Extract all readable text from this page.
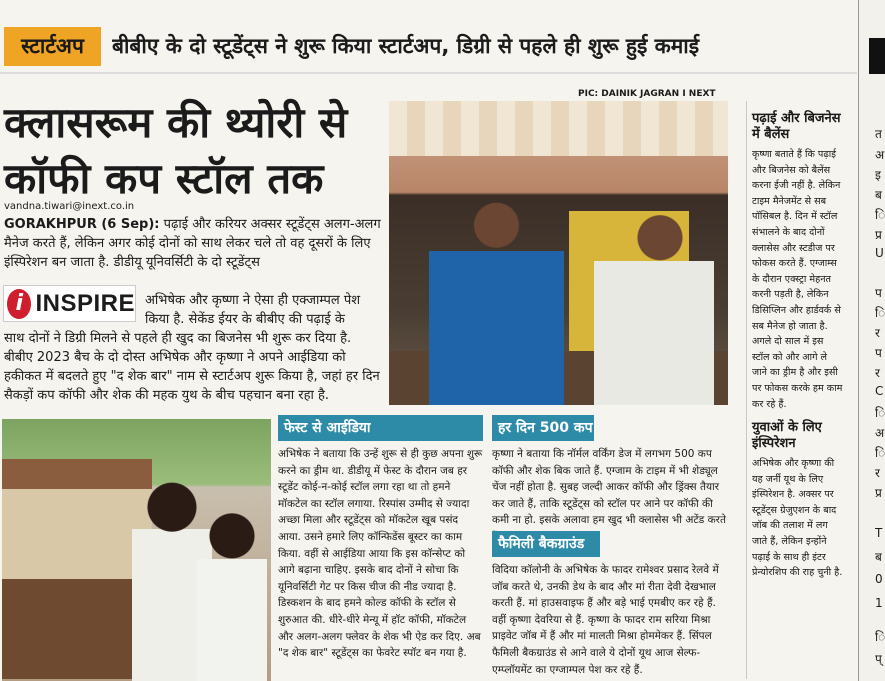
स्टार्टअप	बीबीए के दो स्टूडेंट्स ने शुरू किया स्टार्टअप, डिग्री से पहले ही शुरू हुई कमाई
क्लासरूम की थ्योरी से
कॉफी कप स्टॉल तक
vandna.tiwari@inext.co.in
GORAKHPUR (6 Sep): पढ़ाई और करियर अक्सर स्टूडेंट्स अलग-अलग मैनेज करते हैं, लेकिन अगर कोई दोनों को साथ लेकर चले तो वह दूसरों के लिए इंस्पिरेशन बन जाता है. डीडीयू यूनिवर्सिटी के दो स्टूडेंट्स
i INSPIRE अभिषेक और कृष्णा ने ऐसा ही एक्जाम्पल पेश किया है. सेकेंड ईयर के बीबीए की पढ़ाई के
साथ दोनों ने डिग्री मिलने से पहले ही खुद का बिजनेस भी शुरू कर दिया है. बीबीए 2023 बैच के दो दोस्त अभिषेक और कृष्णा ने अपने आईडिया को हकीकत में बदलते हुए "द शेक बार" नाम से स्टार्टअप शुरू किया है, जहां हर दिन सैकड़ों कप कॉफी और शेक की महक युथ के बीच पहचान बना रहा है.
PIC: DAINIK JAGRAN I NEXT
फेस्ट से आईडिया
अभिषेक ने बताया कि उन्हें शुरू से ही कुछ अपना शुरू करने का ड्रीम था. डीडीयू में फेस्ट के दौरान जब हर स्टूडेंट कोई-न-कोई स्टॉल लगा रहा था तो हमने मॉकटेल का स्टॉल लगाया. रिस्पांस उम्मीद से ज्यादा अच्छा मिला और स्टूडेंट्स को मॉकटेल खूब पसंद आया. उसने हमारे लिए कॉन्फिडेंस बूस्टर का काम किया. वहीं से आईडिया आया कि इस कॉन्सेप्ट को आगे बढ़ाना चाहिए. इसके बाद दोनों ने सोचा कि यूनिवर्सिटी गेट पर किस चीज की नीड ज्यादा है. डिस्कशन के बाद हमने कोल्ड कॉफी के स्टॉल से शुरुआत की. धीरे-धीरे मेन्यू में हॉट कॉफी, मॉकटेल और अलग-अलग फ्लेवर के शेक भी ऐड कर दिए. अब "द शेक बार" स्टूडेंट्स का फेवरेट स्पॉट बन गया है.
हर दिन 500 कप
कृष्णा ने बताया कि नॉर्मल वर्किंग डेज में लगभग 500 कप कॉफी और शेक बिक जाते हैं. एग्जाम के टाइम में भी शेड्यूल चेंज नहीं होता है. सुबह जल्दी आकर कॉफी और ड्रिंक्स तैयार कर जाते हैं, ताकि स्टूडेंट्स को स्टॉल पर आने पर कॉफी की कमी ना हो. इसके अलावा हम खुद भी क्लासेस भी अटेंड करते
फैमिली बैकग्राउंड
विदिया कॉलोनी के अभिषेक के फादर रामेश्वर प्रसाद रेलवे में जॉब करते थे, उनकी डेथ के बाद और मां रीता देवी देखभाल करती हैं. मां हाउसवाइफ हैं और बड़े भाई एमबीए कर रहे हैं. वहीं कृष्णा देवरिया से हैं. कृष्णा के फादर राम सरिया मिश्रा प्राइवेट जॉब में हैं और मां मालती मिश्रा होममेकर हैं. सिंपल फैमिली बैकग्राउंड से आने वाले ये दोनों यूथ आज सेल्फ-एम्प्लॉयमेंट का एग्जाम्पल पेश कर रहे हैं.
पढ़ाई और बिजनेस में बैलेंस
कृष्णा बताते हैं कि पढ़ाई और बिजनेस को बैलेंस करना ईजी नहीं है. लेकिन टाइम मैनेजमेंट से सब पॉसिबल है. दिन में स्टॉल संभालने के बाद दोनों क्लासेस और स्टडीज पर फोकस करते हैं. एग्जाम्स के दौरान एक्स्ट्रा मेहनत करनी पड़ती है, लेकिन डिसिप्लिन और हार्डवर्क से सब मैनेज हो जाता है. अगले दो साल में इस स्टॉल को और आगे ले जाने का ड्रीम है और इसी पर फोकस करके हम काम कर रहे हैं.
युवाओं के लिए इंस्पिरेशन
अभिषेक और कृष्णा की यह जर्नी यूथ के लिए इंस्पिरेशन है. अक्सर पर स्टूडेंट्स ग्रेजुएशन के बाद जॉब की तलाश में लग जाते हैं, लेकिन इन्होंने पढ़ाई के साथ ही इंटर प्रेन्योरशिप की राह चुनी है.
त
अ
इ
ब
ि
प्र
U
प
ि
र
प
र
C
ि
अ
ि
र
प्र
T
ब
0
1
ि
प्
